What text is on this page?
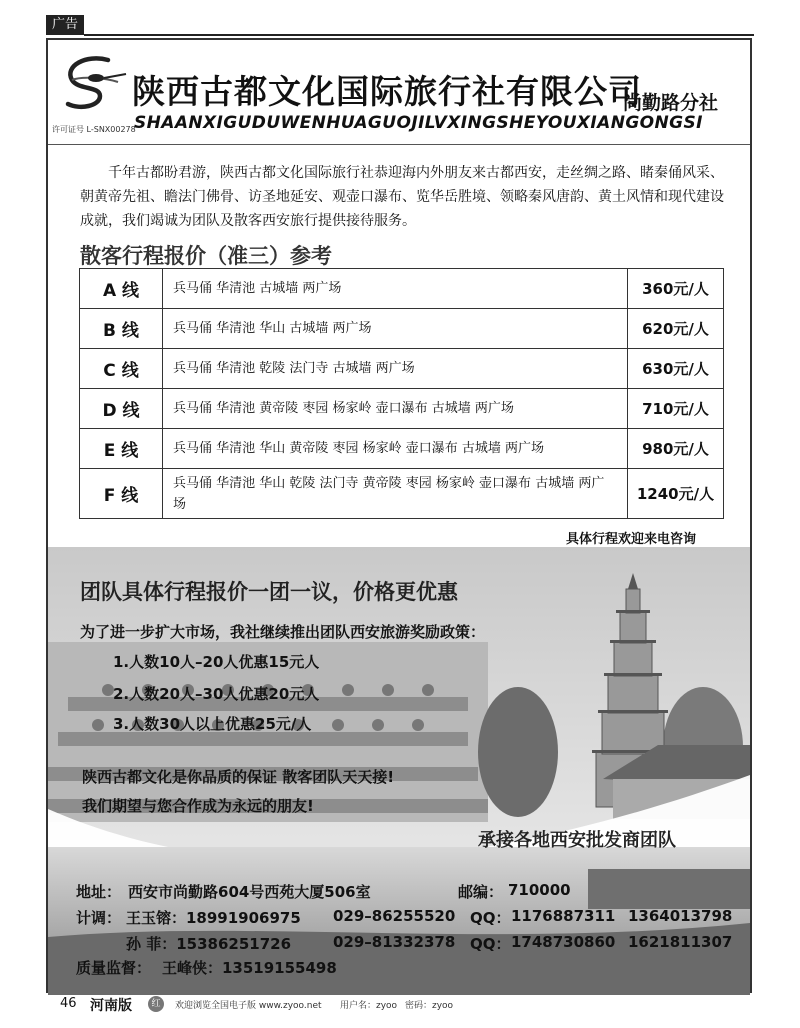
广告
陕西古都文化国际旅行社有限公司
尚勤路分社
SHAANXIGUDUWENHUAGUOJILVXINGSHEYOUXIANGONGSI
许可证号 L-SNX00278
千年古都盼君游，陕西古都文化国际旅行社恭迎海内外朋友来古都西安，走丝绸之路、睹秦俑风采、朝黄帝先祖、瞻法门佛骨、访圣地延安、观壶口瀑布、览华岳胜境、领略秦风唐韵、黄土风情和现代建设成就，我们竭诚为团队及散客西安旅行提供接待服务。
散客行程报价（准三）参考
A 线	兵马俑 华清池 古城墙 两广场	360元/人
B 线	兵马俑 华清池 华山 古城墙 两广场	620元/人
C 线	兵马俑 华清池 乾陵 法门寺 古城墙 两广场	630元/人
D 线	兵马俑 华清池 黄帝陵 枣园 杨家岭 壶口瀑布 古城墙 两广场	710元/人
E 线	兵马俑 华清池 华山 黄帝陵 枣园 杨家岭 壶口瀑布 古城墙 两广场	980元/人
F 线	兵马俑 华清池 华山 乾陵 法门寺 黄帝陵 枣园 杨家岭 壶口瀑布 古城墙 两广场	1240元/人
具体行程欢迎来电咨询
团队具体行程报价一团一议，价格更优惠
为了进一步扩大市场，我社继续推出团队西安旅游奖励政策：
1.人数10人–20人优惠15元人
2.人数20人–30人优惠20元人
3.人数30人以上优惠25元/人
陕西古都文化是你品质的保证 散客团队天天接!
我们期望与您合作成为永远的朋友!
承接各地西安批发商团队
地址： 西安市尚勤路604号西苑大厦506室	邮编： 710000
计调： 王玉镕：18991906975 029–86255520 QQ： 1176887311 1364013798
孙 菲：15386251726	029–81332378 QQ： 1748730860 1621811307
质量监督： 王峰侠：13519155498
46 河南版	红	欢迎浏览全国电子版 www.zyoo.net 用户名：zyoo 密码：zyoo
